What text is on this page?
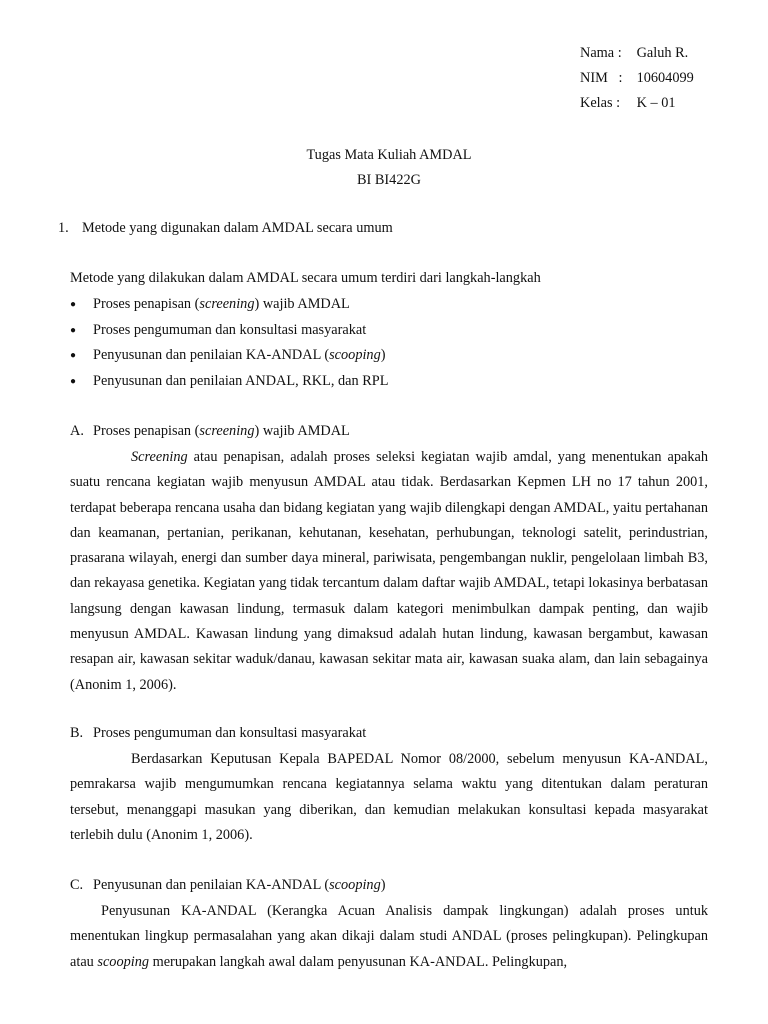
Nama : Galuh R.
NIM   : 10604099
Kelas : K – 01
Tugas Mata Kuliah AMDAL
BI BI422G
1. Metode yang digunakan dalam AMDAL secara umum
Metode yang dilakukan dalam AMDAL secara umum terdiri dari langkah-langkah
● Proses penapisan (screening) wajib AMDAL
● Proses pengumuman dan konsultasi masyarakat
● Penyusunan dan penilaian KA-ANDAL (scooping)
● Penyusunan dan penilaian ANDAL, RKL, dan RPL
A. Proses penapisan (screening) wajib AMDAL
Screening atau penapisan, adalah proses seleksi kegiatan wajib amdal, yang menentukan apakah suatu rencana kegiatan wajib menyusun AMDAL atau tidak. Berdasarkan Kepmen LH no 17 tahun 2001, terdapat beberapa rencana usaha dan bidang kegiatan yang wajib dilengkapi dengan AMDAL, yaitu pertahanan dan keamanan, pertanian, perikanan, kehutanan, kesehatan, perhubungan, teknologi satelit, perindustrian, prasarana wilayah, energi dan sumber daya mineral, pariwisata, pengembangan nuklir, pengelolaan limbah B3, dan rekayasa genetika. Kegiatan yang tidak tercantum dalam daftar wajib AMDAL, tetapi lokasinya berbatasan langsung dengan kawasan lindung, termasuk dalam kategori menimbulkan dampak penting, dan wajib menyusun AMDAL. Kawasan lindung yang dimaksud adalah hutan lindung, kawasan bergambut, kawasan resapan air, kawasan sekitar waduk/danau, kawasan sekitar mata air, kawasan suaka alam, dan lain sebagainya (Anonim 1, 2006).
B. Proses pengumuman dan konsultasi masyarakat
Berdasarkan Keputusan Kepala BAPEDAL Nomor 08/2000, sebelum menyusun KA-ANDAL, pemrakarsa wajib mengumumkan rencana kegiatannya selama waktu yang ditentukan dalam peraturan tersebut, menanggapi masukan yang diberikan, dan kemudian melakukan konsultasi kepada masyarakat terlebih dulu (Anonim 1, 2006).
C. Penyusunan dan penilaian KA-ANDAL (scooping)
Penyusunan KA-ANDAL (Kerangka Acuan Analisis dampak lingkungan) adalah proses untuk menentukan lingkup permasalahan yang akan dikaji dalam studi ANDAL (proses pelingkupan). Pelingkupan atau scooping merupakan langkah awal dalam penyusunan KA-ANDAL. Pelingkupan,
